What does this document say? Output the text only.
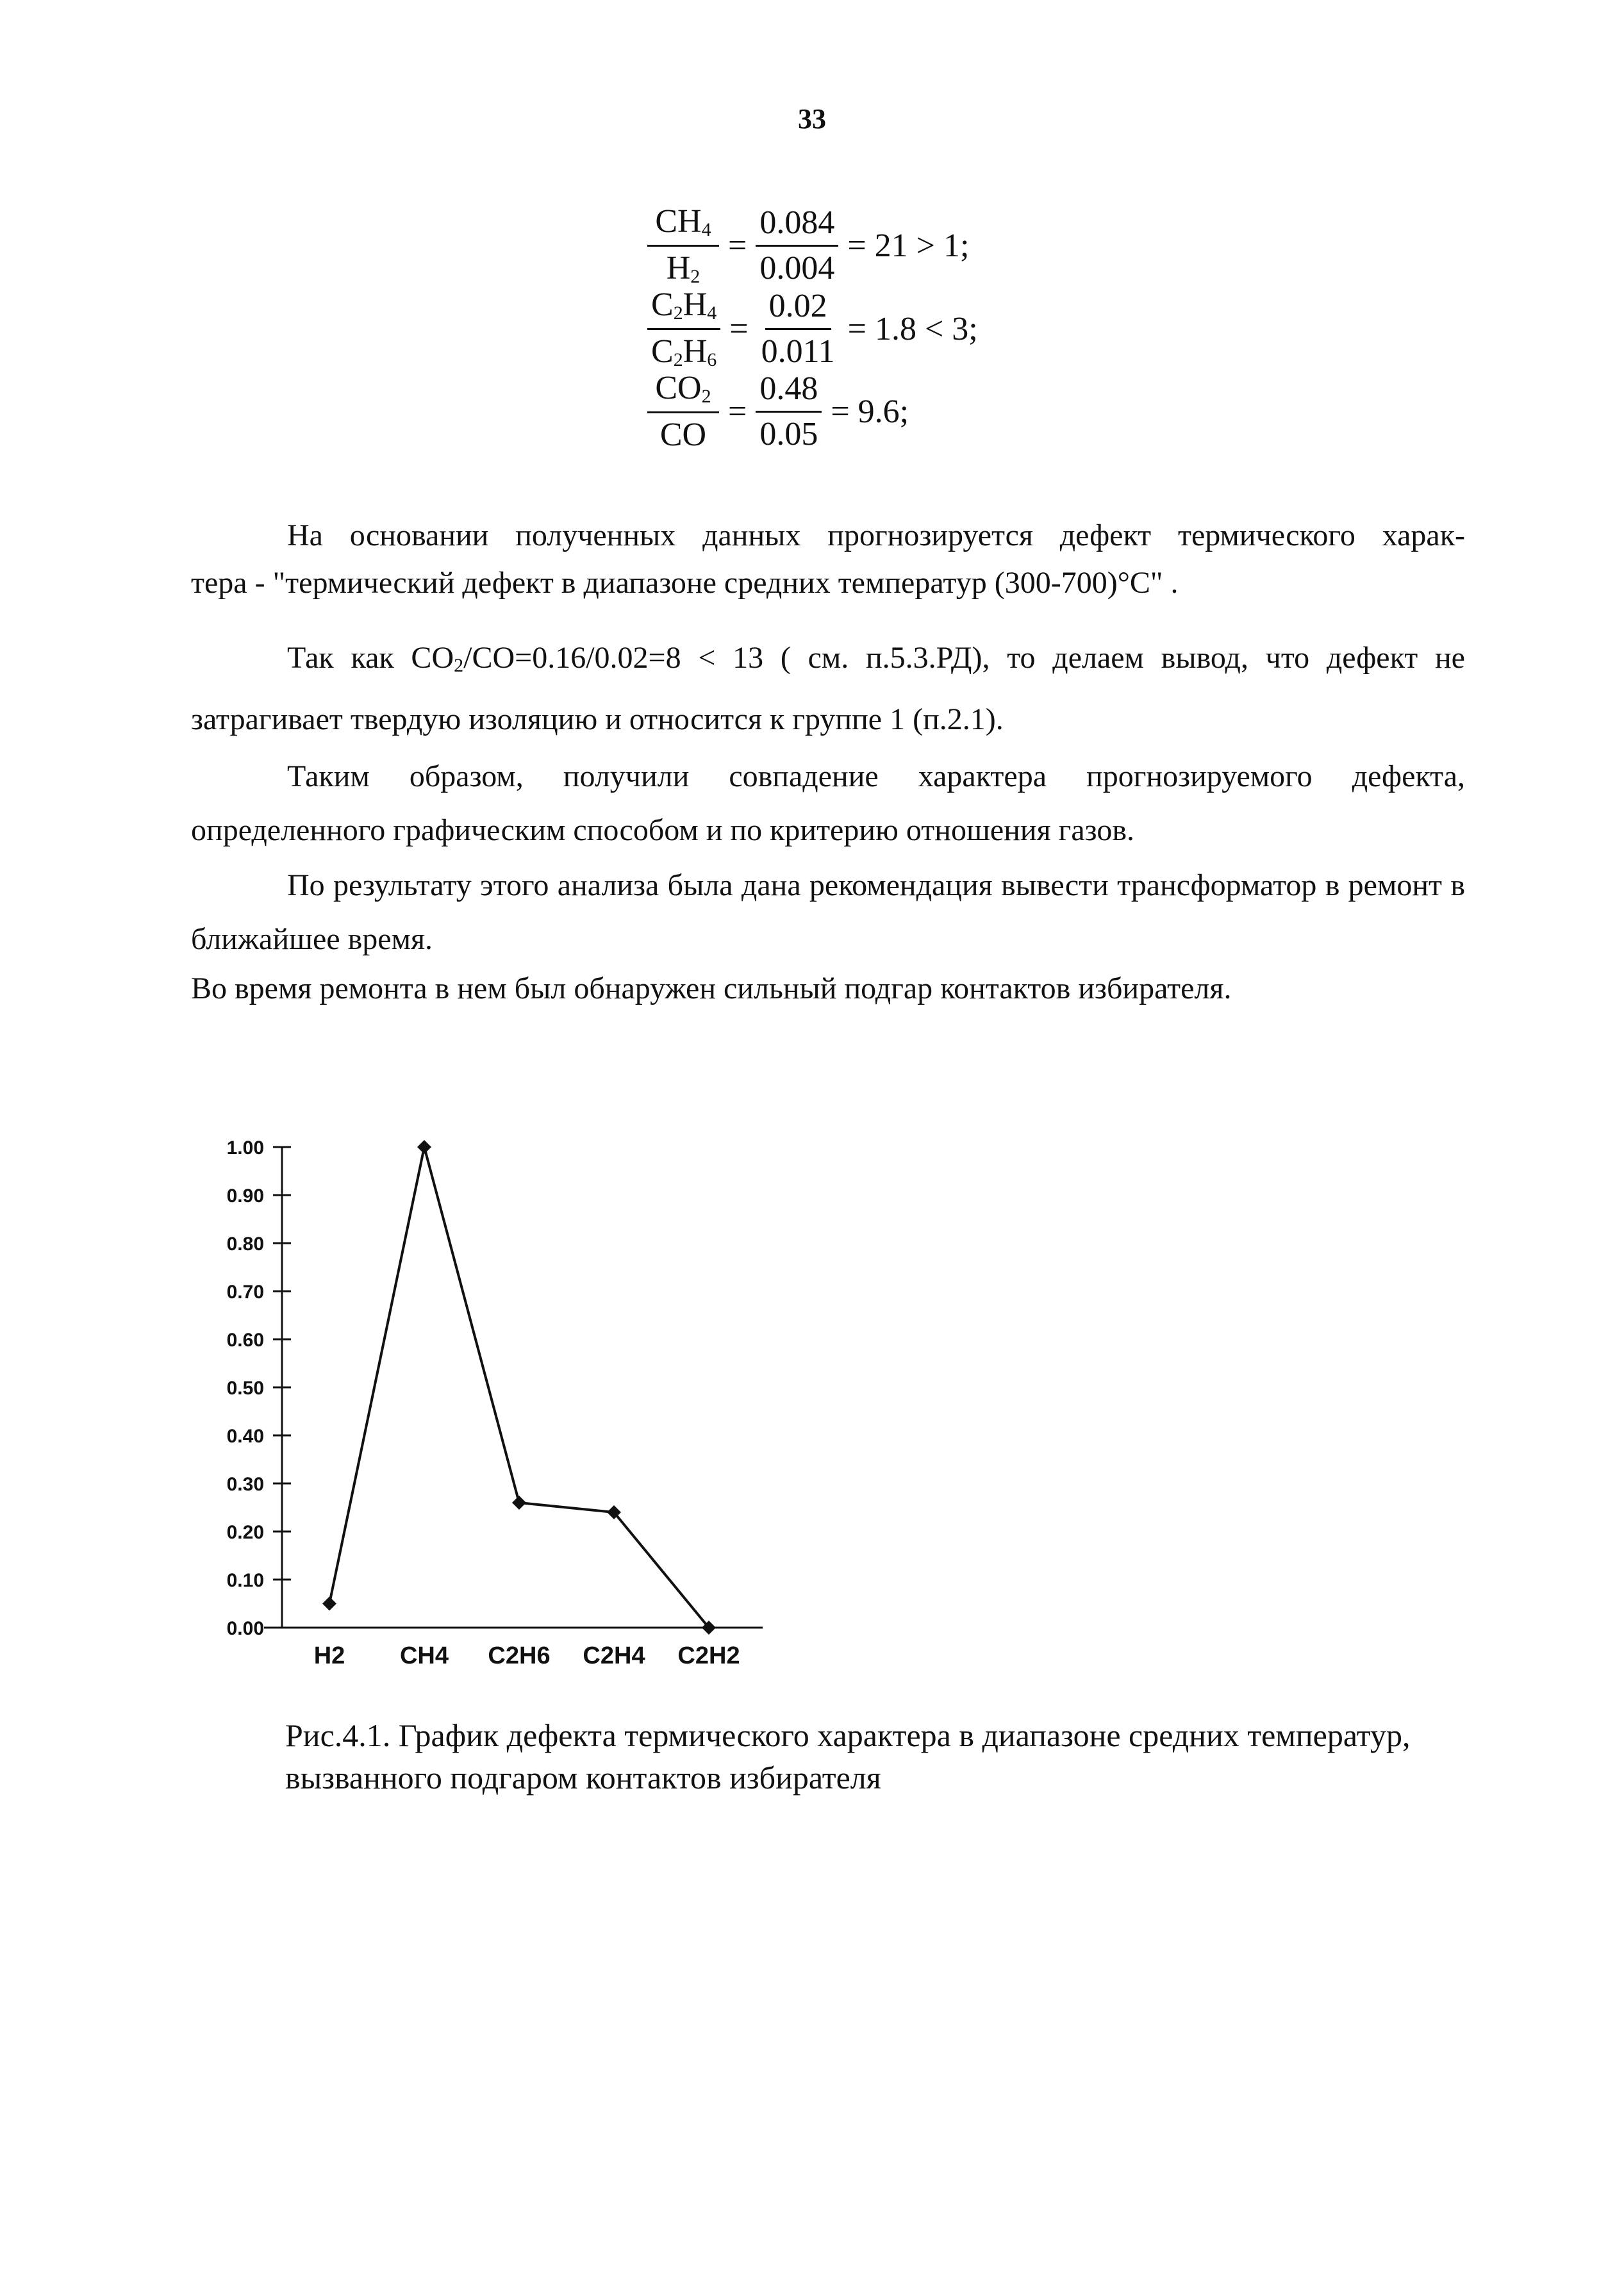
33
$\frac{CH_4}{H_2} = \frac{0.084}{0.004} = 21 > 1$;
$\frac{C_2H_4}{C_2H_6} = \frac{0.02}{0.011} = 1.8 < 3$;
$\frac{CO_2}{CO} = \frac{0.48}{0.05} = 9.6$;
На основании полученных данных прогнозируется дефект термического харак-
тера - "термический дефект в диапазоне средних температур (300-700)°С" .
Так как $СО_2/СО=0.16/0.02=8 < 13$ ( см. п.5.3.РД), то делаем вывод, что дефект не затрагивает твердую изоляцию и относится к группе 1 (п.2.1).
Таким образом, получили совпадение характера прогнозируемого дефекта, определенного графическим способом и по критерию отношения газов.
По результату этого анализа была дана рекомендация вывести трансформатор в ремонт в ближайшее время.
Во время ремонта в нем был обнаружен сильный подгар контактов избирателя.
0.00
0.10
0.20
0.30
0.40
0.50
0.60
0.70
0.80
0.90
1.00
H2 CH4 C2H6 C2H4 C2H2
Рис.4.1. График дефекта термического характера в диапазоне средних температур, вызванного подгаром контактов избирателя
